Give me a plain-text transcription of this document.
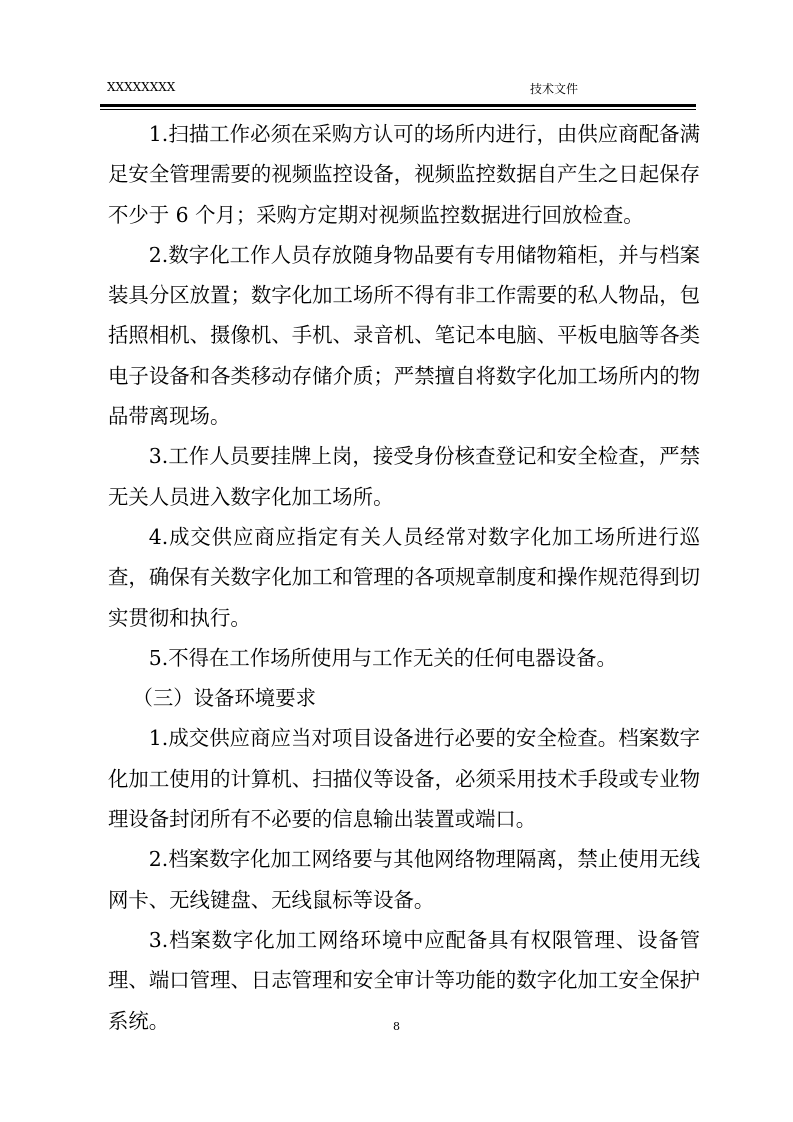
XXXXXXXX	技术文件

1.扫描工作必须在采购方认可的场所内进行，由供应商配备满足安全管理需要的视频监控设备，视频监控数据自产生之日起保存不少于 6 个月；采购方定期对视频监控数据进行回放检查。

2.数字化工作人员存放随身物品要有专用储物箱柜，并与档案装具分区放置；数字化加工场所不得有非工作需要的私人物品，包括照相机、摄像机、手机、录音机、笔记本电脑、平板电脑等各类电子设备和各类移动存储介质；严禁擅自将数字化加工场所内的物品带离现场。

3.工作人员要挂牌上岗，接受身份核查登记和安全检查，严禁无关人员进入数字化加工场所。

4.成交供应商应指定有关人员经常对数字化加工场所进行巡查，确保有关数字化加工和管理的各项规章制度和操作规范得到切实贯彻和执行。

5.不得在工作场所使用与工作无关的任何电器设备。

（三）设备环境要求

1.成交供应商应当对项目设备进行必要的安全检查。档案数字化加工使用的计算机、扫描仪等设备，必须采用技术手段或专业物理设备封闭所有不必要的信息输出装置或端口。

2.档案数字化加工网络要与其他网络物理隔离，禁止使用无线网卡、无线键盘、无线鼠标等设备。

3.档案数字化加工网络环境中应配备具有权限管理、设备管理、端口管理、日志管理和安全审计等功能的数字化加工安全保护系统。	8
